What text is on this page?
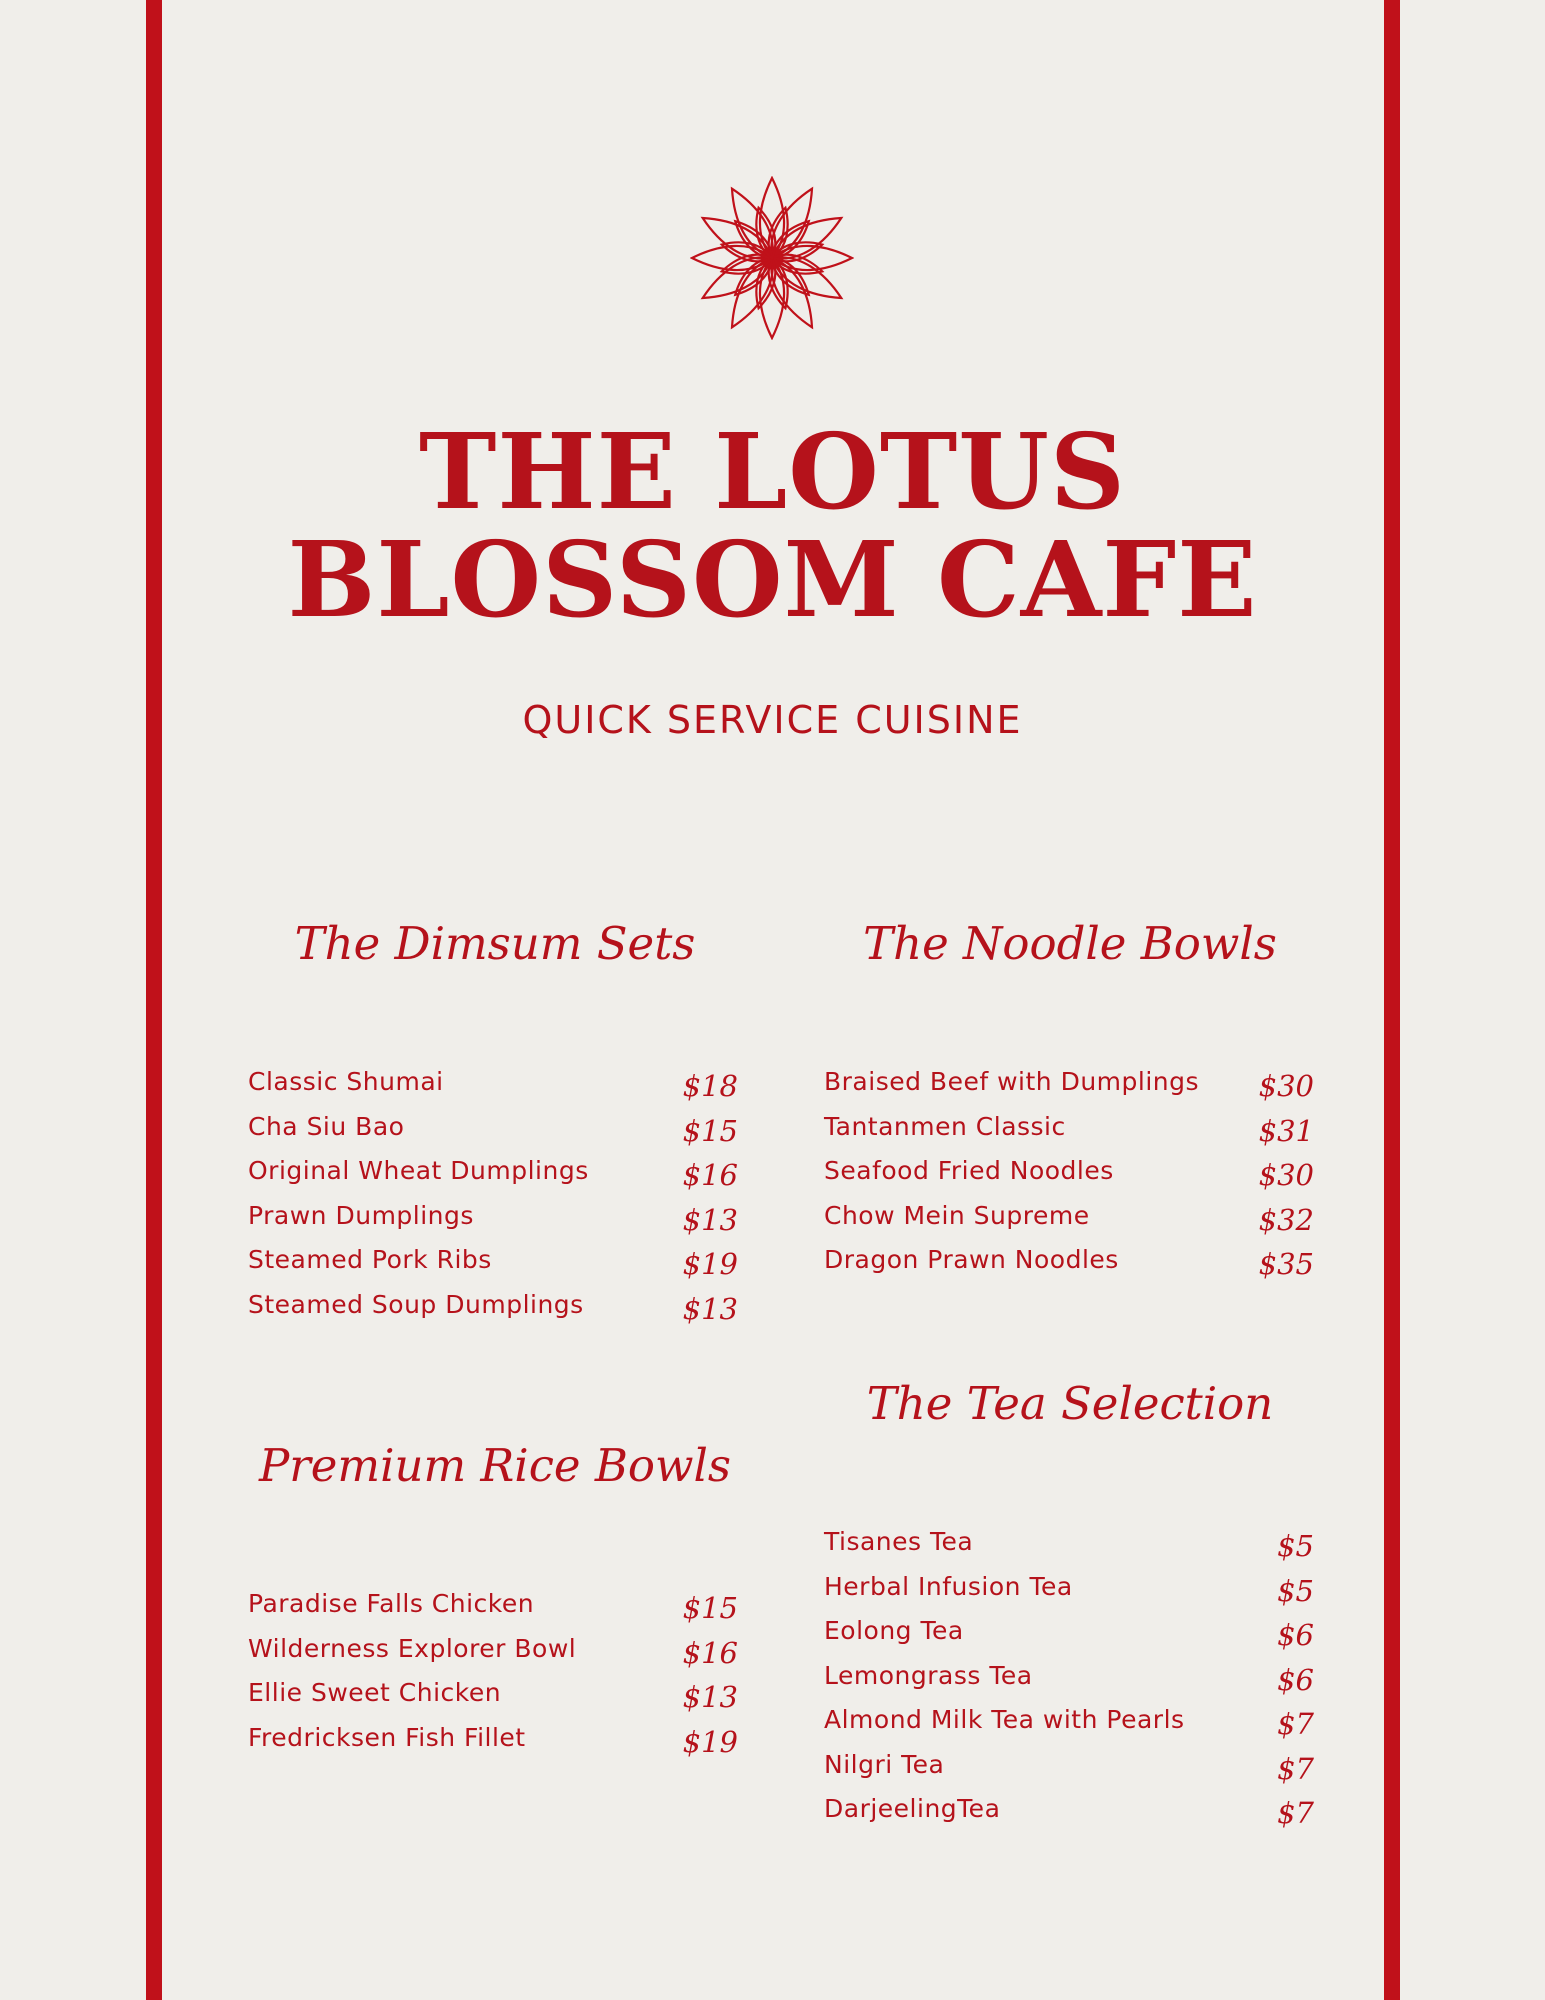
THE LOTUS
BLOSSOM CAFE
QUICK SERVICE CUISINE
The Dimsum Sets	The Noodle Bowls
The Tea Selection
Premium Rice Bowls
Classic Shumai	$18
Cha Siu Bao	$15
Original Wheat Dumplings	$16
Prawn Dumplings	$13
Steamed Pork Ribs	$19
Steamed Soup Dumplings	$13
Braised Beef with Dumplings $30
Tantanmen Classic	$31
Seafood Fried Noodles	$30
Chow Mein Supreme	$32
Dragon Prawn Noodles	$35
Paradise Falls Chicken	$15
Wilderness Explorer Bowl	$16
Ellie Sweet Chicken	$13
Fredricksen Fish Fillet	$19
Tisanes Tea	$5
Herbal Infusion Tea	$5
Eolong Tea	$6
Lemongrass Tea	$6
Almond Milk Tea with Pearls	$7
Nilgri Tea	$7
DarjeelingTea	$7
